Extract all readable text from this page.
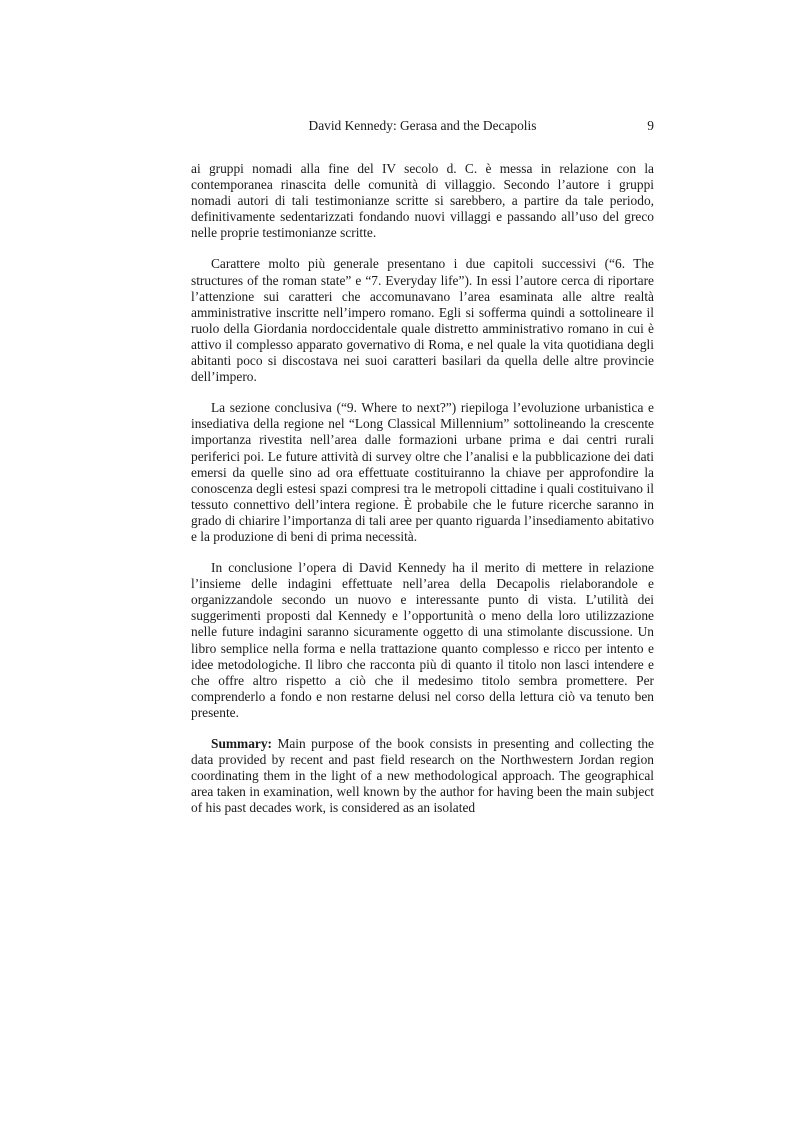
David Kennedy: Gerasa and the Decapolis	9

ai gruppi nomadi alla fine del IV secolo d. C. è messa in relazione con la contemporanea rinascita delle comunità di villaggio. Secondo l’autore i gruppi nomadi autori di tali testimonianze scritte si sarebbero, a partire da tale periodo, definitivamente sedentarizzati fondando nuovi villaggi e passando all’uso del greco nelle proprie testimonianze scritte.

Carattere molto più generale presentano i due capitoli successivi (“6. The structures of the roman state” e “7. Everyday life”). In essi l’autore cerca di riportare l’attenzione sui caratteri che accomunavano l’area esaminata alle altre realtà amministrative inscritte nell’impero romano. Egli si sofferma quindi a sottolineare il ruolo della Giordania nordoccidentale quale distretto amministrativo romano in cui è attivo il complesso apparato governativo di Roma, e nel quale la vita quotidiana degli abitanti poco si discostava nei suoi caratteri basilari da quella delle altre provincie dell’impero.

La sezione conclusiva (“9. Where to next?”) riepiloga l’evoluzione urbanistica e insediativa della regione nel “Long Classical Millennium” sottolineando la crescente importanza rivestita nell’area dalle formazioni urbane prima e dai centri rurali periferici poi. Le future attività di survey oltre che l’analisi e la pubblicazione dei dati emersi da quelle sino ad ora effettuate costituiranno la chiave per approfondire la conoscenza degli estesi spazi compresi tra le metropoli cittadine i quali costituivano il tessuto connettivo dell’intera regione. È probabile che le future ricerche saranno in grado di chiarire l’importanza di tali aree per quanto riguarda l’insediamento abitativo e la produzione di beni di prima necessità.

In conclusione l’opera di David Kennedy ha il merito di mettere in relazione l’insieme delle indagini effettuate nell’area della Decapolis rielaborandole e organizzandole secondo un nuovo e interessante punto di vista. L’utilità dei suggerimenti proposti dal Kennedy e l’opportunità o meno della loro utilizzazione nelle future indagini saranno sicuramente oggetto di una stimolante discussione. Un libro semplice nella forma e nella trattazione quanto complesso e ricco per intento e idee metodologiche. Il libro che racconta più di quanto il titolo non lasci intendere e che offre altro rispetto a ciò che il medesimo titolo sembra promettere. Per comprenderlo a fondo e non restarne delusi nel corso della lettura ciò va tenuto ben presente.

Summary: Main purpose of the book consists in presenting and collecting the data provided by recent and past field research on the Northwestern Jordan region coordinating them in the light of a new methodological approach. The geographical area taken in examination, well known by the author for having been the main subject of his past decades work, is considered as an isolated
